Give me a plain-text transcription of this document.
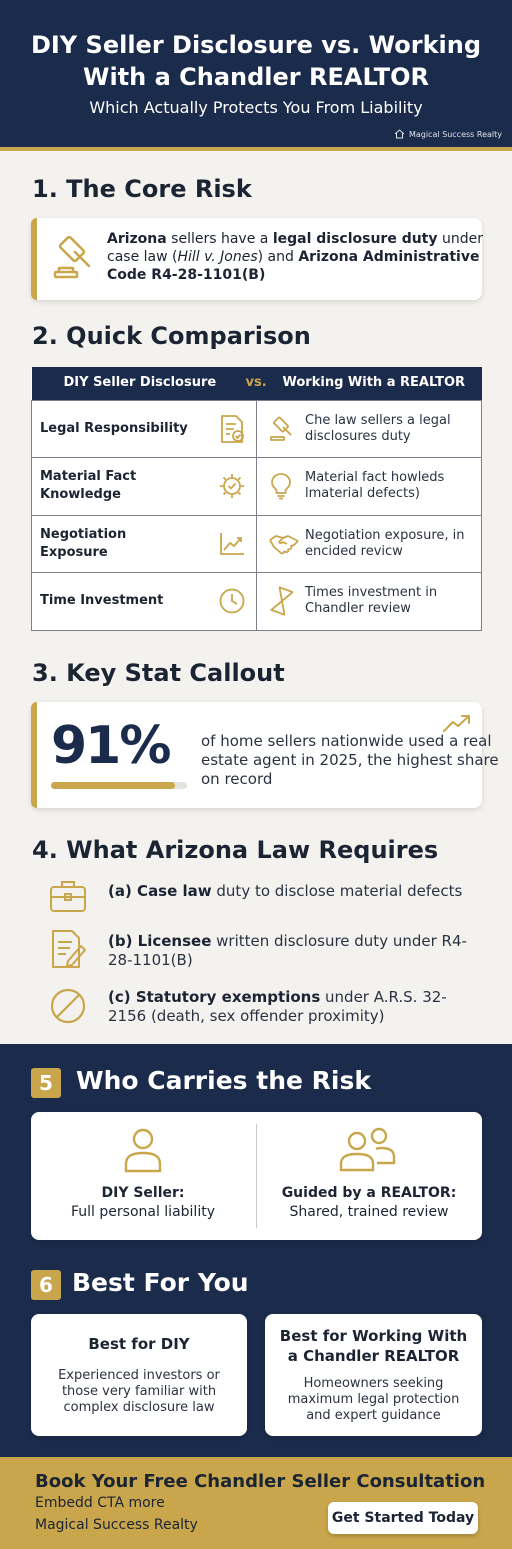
DIY Seller Disclosure vs. Working
With a Chandler REALTOR
Which Actually Protects You From Liability
Magical Success Realty
1. The Core Risk
Arizona sellers have a legal disclosure duty under case law (Hill v. Jones) and Arizona Administrative Code R4-28-1101(B)
2. Quick Comparison
DIY Seller Disclosure vs. Working With a REALTOR	

Legal Responsibility	Che law sellers a legal disclosures duty

Material Fact Knowledge	Material fact howleds lmaterial defects)

Negotiation Exposure	Negotiation exposure, in encided revicw

Time Investment	Times investment in Chandler review
3. Key Stat Callout
91% of home sellers nationwide used a real estate agent in 2025, the highest share on record
4. What Arizona Law Requires
(a) Case law duty to disclose material defects
(b) Licensee written disclosure duty under R4-28-1101(B)
(c) Statutory exemptions under A.R.S. 32-2156 (death, sex offender proximity)
5 Who Carries the Risk
DIY Seller:
Full personal liability
Guided by a REALTOR:
Shared, trained review
6 Best For You
Best for DIY
Experienced investors or those very familiar with complex disclosure law
Best for Working With a Chandler REALTOR
Homeowners seeking maximum legal protection and expert guidance
Book Your Free Chandler Seller Consultation
Embedd CTA more
Magical Success Realty	Get Started Today
